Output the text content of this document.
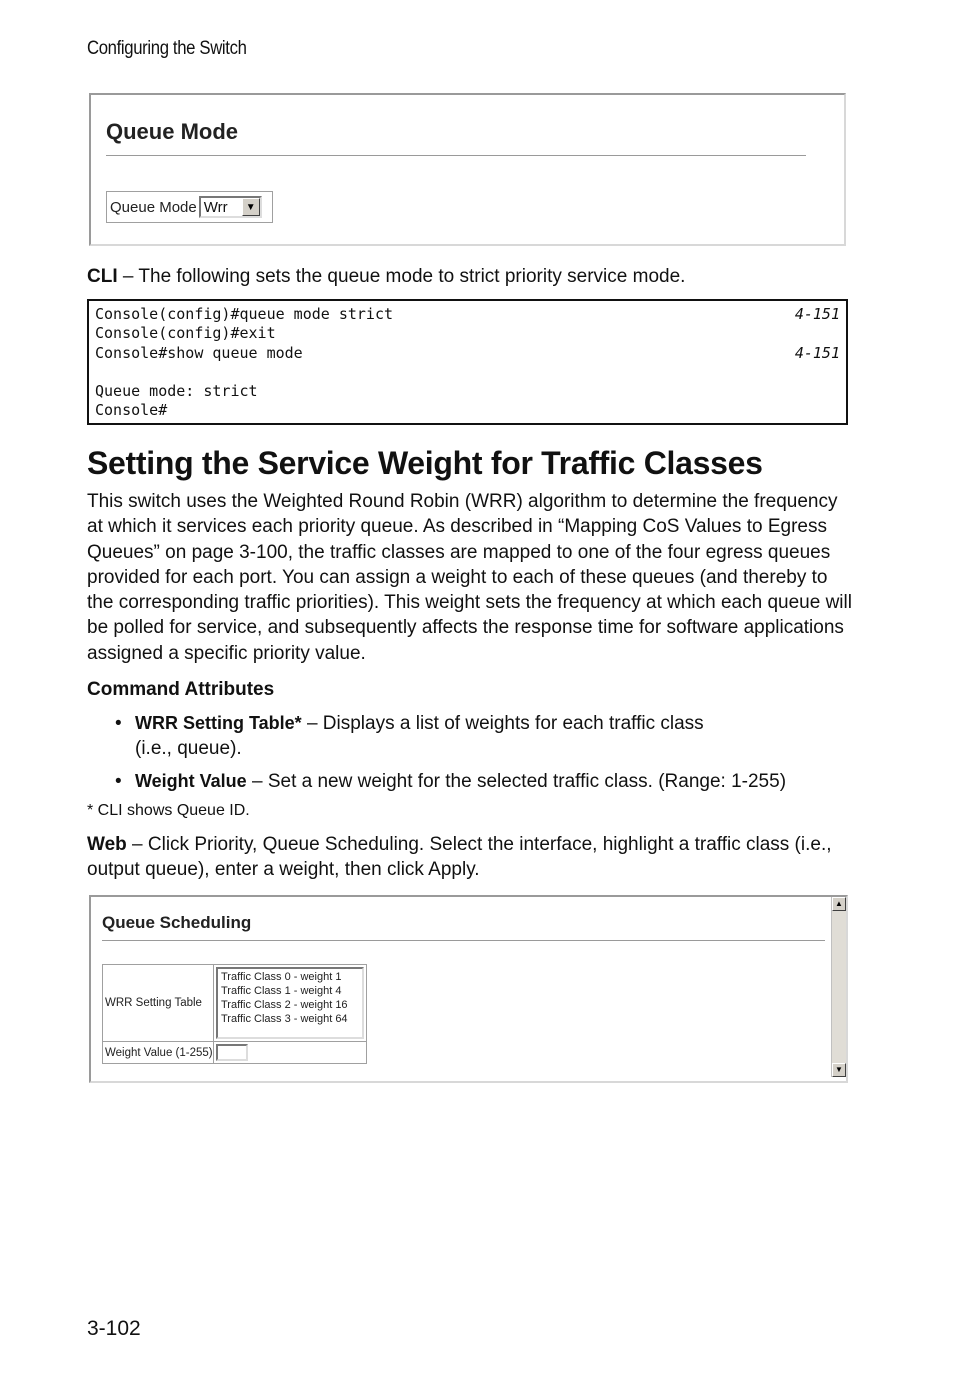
Configuring the Switch
Queue Mode
Queue Mode Wrr	▼
CLI – The following sets the queue mode to strict priority service mode.
Console(config)#queue mode strict	4-151
Console(config)#exit
Console#show queue mode	4-151
Queue mode: strict
Console#
Setting the Service Weight for Traffic Classes
This switch uses the Weighted Round Robin (WRR) algorithm to determine the frequency at which it services each priority queue. As described in “Mapping CoS Values to Egress Queues” on page 3-100, the traffic classes are mapped to one of the four egress queues provided for each port. You can assign a weight to each of these queues (and thereby to the corresponding traffic priorities). This weight sets the frequency at which each queue will be polled for service, and subsequently affects the response time for software applications assigned a specific priority value.
Command Attributes
• WRR Setting Table* – Displays a list of weights for each traffic class
(i.e., queue).
• Weight Value – Set a new weight for the selected traffic class. (Range: 1-255)
* CLI shows Queue ID.
Web – Click Priority, Queue Scheduling. Select the interface, highlight a traffic class (i.e., output queue), enter a weight, then click Apply.
Queue Scheduling
WRR Setting Table
Traffic Class 0 - weight 1
Traffic Class 1 - weight 4
Traffic Class 2 - weight 16
Traffic Class 3 - weight 64
Weight Value (1-255)
▲
▼
3-102
